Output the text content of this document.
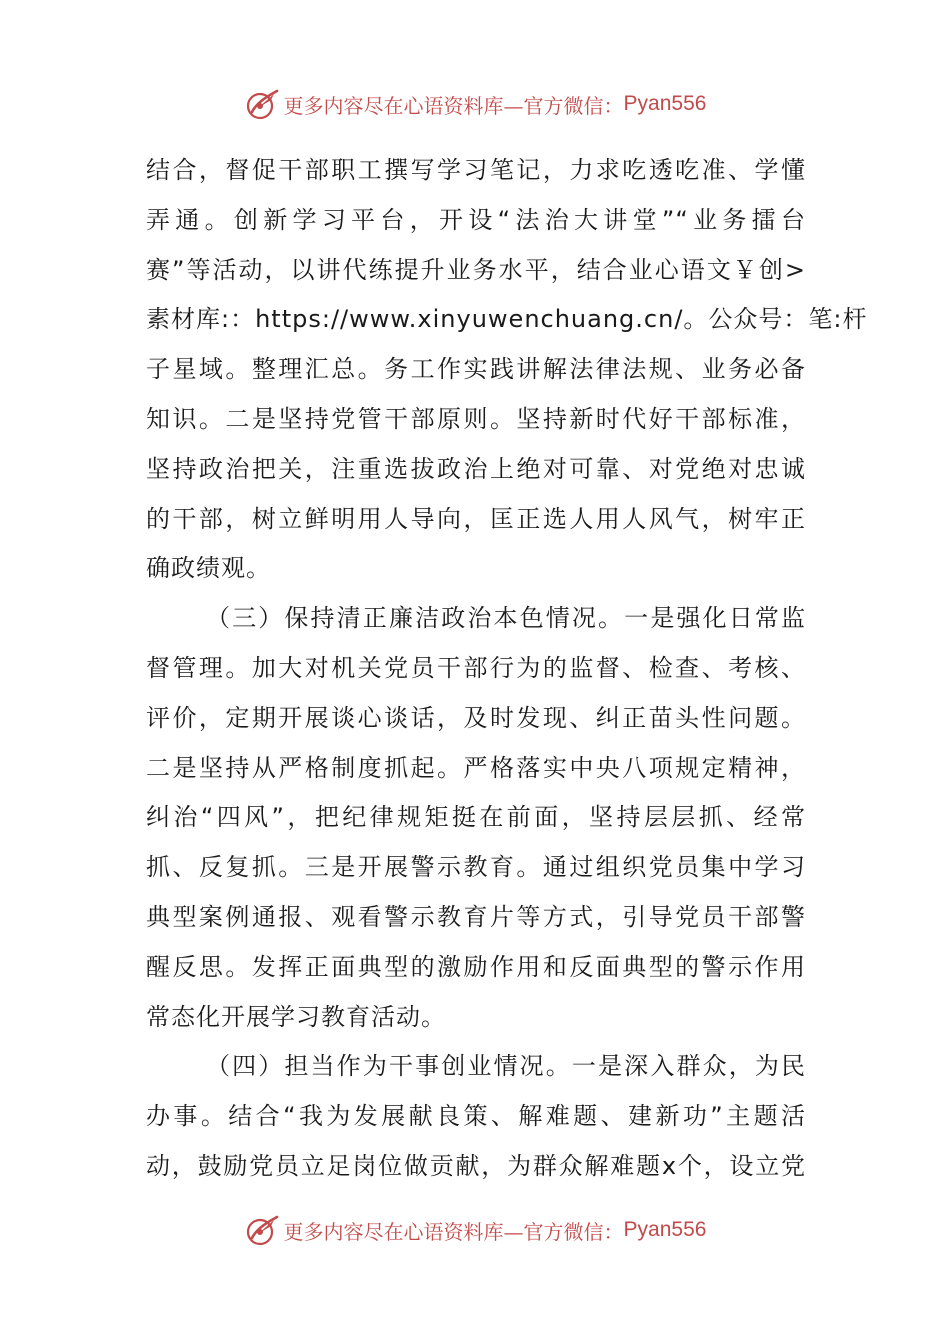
更多内容尽在心语资料库—官方微信： Pyan556
结合，督促干部职工撰写学习笔记，力求吃透吃准、学懂
弄通。创新学习平台，开设“法治大讲堂”“业务擂台
赛”等活动，以讲代练提升业务水平，结合业心语文￥创>
素材库:：https://www.xinyuwenchuang.cn/。公众号：笔:杆
子星域。整理汇总。务工作实践讲解法律法规、业务必备
知识。二是坚持党管干部原则。坚持新时代好干部标准，
坚持政治把关，注重选拔政治上绝对可靠、对党绝对忠诚
的干部，树立鲜明用人导向，匡正选人用人风气，树牢正
确政绩观。
（三）保持清正廉洁政治本色情况。一是强化日常监
督管理。加大对机关党员干部行为的监督、检查、考核、
评价，定期开展谈心谈话，及时发现、纠正苗头性问题。
二是坚持从严格制度抓起。严格落实中央八项规定精神，
纠治“四风”，把纪律规矩挺在前面，坚持层层抓、经常
抓、反复抓。三是开展警示教育。通过组织党员集中学习
典型案例通报、观看警示教育片等方式，引导党员干部警
醒反思。发挥正面典型的激励作用和反面典型的警示作用
常态化开展学习教育活动。
（四）担当作为干事创业情况。一是深入群众，为民
办事。结合“我为发展献良策、解难题、建新功”主题活
动，鼓励党员立足岗位做贡献，为群众解难题x个，设立党
更多内容尽在心语资料库—官方微信： Pyan556
